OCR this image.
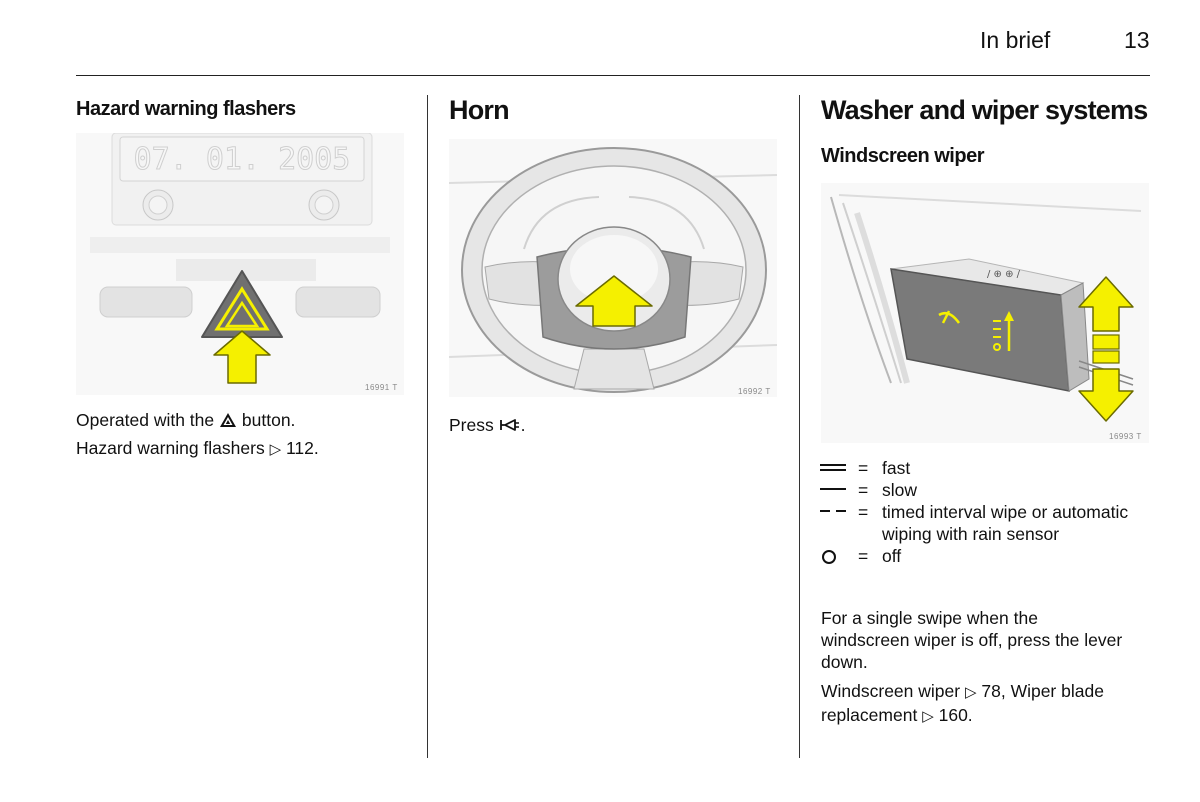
In brief	13
Hazard warning flashers
07. 01. 2005
16991 T
Operated with the button.
Hazard warning flashers ▷ 112.
Horn
16992 T
Press .
Washer and wiper systems
Windscreen wiper
/ ⊕ ⊕ /
16993 T
= fast
= slow
= timed interval wipe or automatic wiping with rain sensor
= off
For a single swipe when the windscreen wiper is off, press the lever down.
Windscreen wiper ▷ 78, Wiper blade replacement ▷ 160.
